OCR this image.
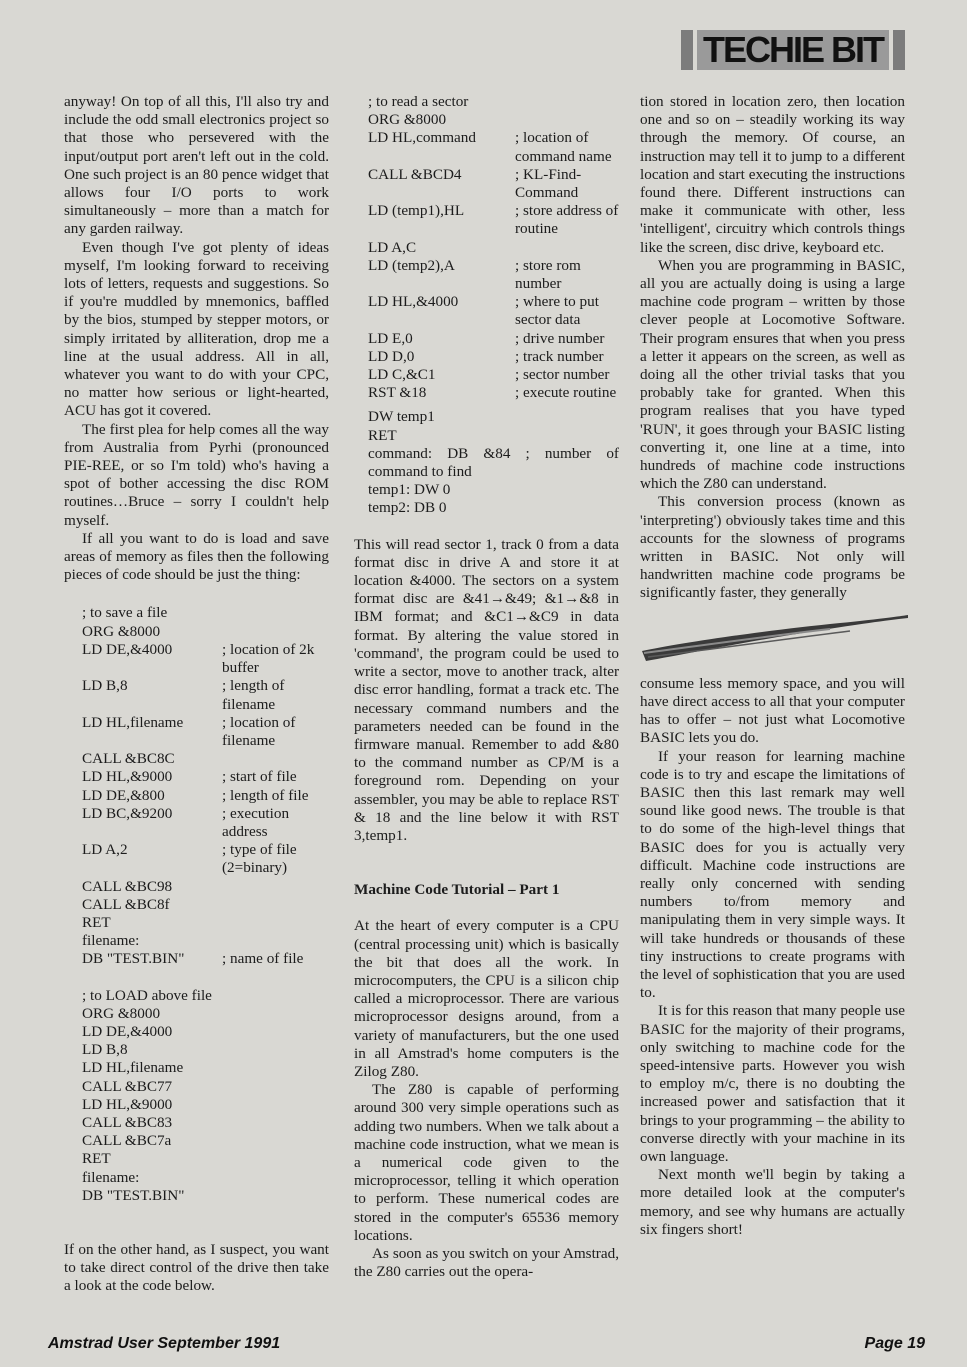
TECHIE BIT

anyway! On top of all this, I'll also try and include the odd small electronics project so that those who persevered with the input/output port aren't left out in the cold. One such project is an 80 pence widget that allows four I/O ports to work simultaneously – more than a match for any garden railway.

Even though I've got plenty of ideas myself, I'm looking forward to receiving lots of letters, requests and suggestions. So if you're muddled by mnemonics, baffled by the bios, stumped by stepper motors, or simply irritated by alliteration, drop me a line at the usual address. All in all, whatever you want to do with your CPC, no matter how serious or light-hearted, ACU has got it covered.

The first plea for help comes all the way from Australia from Pyrhi (pronounced PIE-REE, or so I'm told) who's having a spot of bother accessing the disc ROM routines…Bruce – sorry I couldn't help myself.

If all you want to do is load and save areas of memory as files then the following pieces of code should be just the thing:

; to save a file
ORG &8000
LD DE,&4000	; location of 2k buffer
LD B,8	; length of filename
LD HL,filename	; location of filename
CALL &BC8C
LD HL,&9000	; start of file
LD DE,&800	; length of file
LD BC,&9200	; execution address
LD A,2	; type of file (2=binary)
CALL &BC98
CALL &BC8f
RET
filename:
DB "TEST.BIN"	; name of file
; to LOAD above file
ORG &8000
LD DE,&4000
LD B,8
LD HL,filename
CALL &BC77
LD HL,&9000
CALL &BC83
CALL &BC7a
RET
filename:
DB "TEST.BIN"

If on the other hand, as I suspect, you want to take direct control of the drive then take a look at the code below.

; to read a sector
ORG &8000
LD HL,command	; location of command name
CALL &BCD4	; KL-Find-Command
LD (temp1),HL	; store address of routine
LD A,C
LD (temp2),A	; store rom number
LD HL,&4000	; where to put sector data
LD E,0	; drive number
LD D,0	; track number
LD C,&C1	; sector number
RST &18	; execute routine
DW temp1
RET
command: DB &84 ; number of command to find
temp1: DW 0
temp2: DB 0

This will read sector 1, track 0 from a data format disc in drive A and store it at location &4000. The sectors on a system format disc are &41→&49; &1→&8 in IBM format; and &C1→&C9 in data format. By altering the value stored in 'command', the program could be used to write a sector, move to another track, alter disc error handling, format a track etc. The necessary command numbers and the parameters needed can be found in the firmware manual. Remember to add &80 to the command number as CP/M is a foreground rom. Depending on your assembler, you may be able to replace RST & 18 and the line below it with RST 3,temp1.

Machine Code Tutorial – Part 1

At the heart of every computer is a CPU (central processing unit) which is basically the bit that does all the work. In microcomputers, the CPU is a silicon chip called a microprocessor. There are various microprocessor designs around, from a variety of manufacturers, but the one used in all Amstrad's home computers is the Zilog Z80.

The Z80 is capable of performing around 300 very simple operations such as adding two numbers. When we talk about a machine code instruction, what we mean is a numerical code given to the microprocessor, telling it which operation to perform. These numerical codes are stored in the computer's 65536 memory locations.

As soon as you switch on your Amstrad, the Z80 carries out the opera-

tion stored in location zero, then location one and so on – steadily working its way through the memory. Of course, an instruction may tell it to jump to a different location and start executing the instructions found there. Different instructions can make it communicate with other, less 'intelligent', circuitry which controls things like the screen, disc drive, keyboard etc.

When you are programming in BASIC, all you are actually doing is using a large machine code program – written by those clever people at Locomotive Software. Their program ensures that when you press a letter it appears on the screen, as well as doing all the other trivial tasks that you probably take for granted. When this program realises that you have typed 'RUN', it goes through your BASIC listing converting it, one line at a time, into hundreds of machine code instructions which the Z80 can understand.

This conversion process (known as 'interpreting') obviously takes time and this accounts for the slowness of programs written in BASIC. Not only will handwritten machine code programs be significantly faster, they generally

consume less memory space, and you will have direct access to all that your computer has to offer – not just what Locomotive BASIC lets you do.

If your reason for learning machine code is to try and escape the limitations of BASIC then this last remark may well sound like good news. The trouble is that to do some of the high-level things that BASIC does for you is actually very difficult. Machine code instructions are really only concerned with sending numbers to/from memory and manipulating them in very simple ways. It will take hundreds or thousands of these tiny instructions to create programs with the level of sophistication that you are used to.

It is for this reason that many people use BASIC for the majority of their programs, only switching to machine code for the speed-intensive parts. However you wish to employ m/c, there is no doubting the increased power and satisfaction that it brings to your programming – the ability to converse directly with your machine in its own language.

Next month we'll begin by taking a more detailed look at the computer's memory, and see why humans are actually six fingers short!

Amstrad User September 1991	Page 19
